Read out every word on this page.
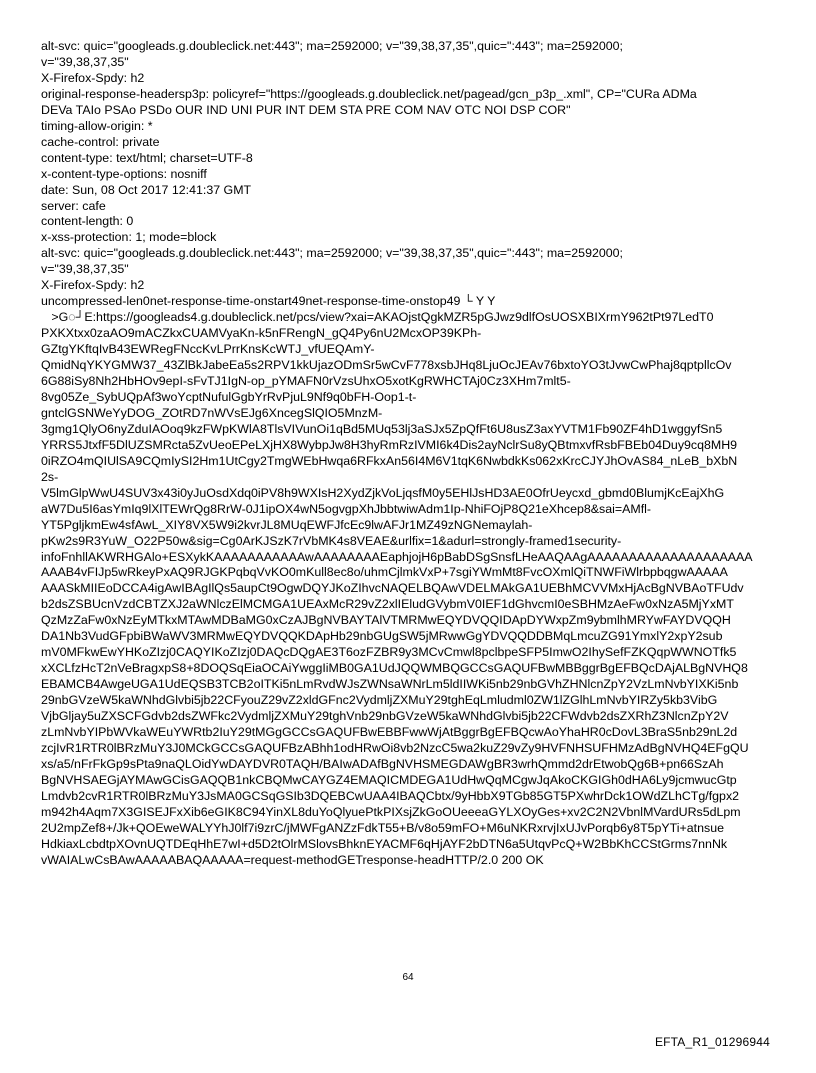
alt-svc: quic="googleads.g.doubleclick.net:443"; ma=2592000; v="39,38,37,35",quic=":443"; ma=2592000;
v="39,38,37,35"
X-Firefox-Spdy: h2
original-response-headersp3p: policyref="https://googleads.g.doubleclick.net/pagead/gcn_p3p_.xml", CP="CURa ADMa
DEVa TAIo PSAo PSDo OUR IND UNI PUR INT DEM STA PRE COM NAV OTC NOI DSP COR"
timing-allow-origin: *
cache-control: private
content-type: text/html; charset=UTF-8
x-content-type-options: nosniff
date: Sun, 08 Oct 2017 12:41:37 GMT
server: cafe
content-length: 0
x-xss-protection: 1; mode=block
alt-svc: quic="googleads.g.doubleclick.net:443"; ma=2592000; v="39,38,37,35",quic=":443"; ma=2592000;
v="39,38,37,35"
X-Firefox-Spdy: h2
uncompressed-len0net-response-time-onstart49net-response-time-onstop49 └ Y Y
>G◌┘E:https://googleads4.g.doubleclick.net/pcs/view?xai=AKAOjstQgkMZR5pGJwz9dlfOsUOSXBIXrmY962tPt97LedT0
PXKXtxx0zaAO9mACZkxCUAMVyaKn-k5nFRengN_gQ4Py6nU2McxOP39KPh-
GZtgYKftqIvB43EWRegFNccKvLPrrKnsKcWTJ_vfUEQAmY-
QmidNqYKYGMW37_43ZlBkJabeEa5s2RPV1kkUjazODmSr5wCvF778xsbJHq8LjuOcJEAv76bxtoYO3tJvwCwPhaj8qptpllcOv
6G88iSy8Nh2HbHOv9epI-sFvTJ1IgN-op_pYMAFN0rVzsUhxO5xotKgRWHCTAj0Cz3XHm7mlt5-
8vg05Ze_SybUQpAf3woYcptNufulGgbYrRvPjuL9Nf9q0bFH-Oop1-t-
gntclGSNWeYyDOG_ZOtRD7nWVsEJg6XncegSlQIO5MnzM-
3gmg1QlyO6nyZduIAOoq9kzFWpKWlA8TlsVIVunOi1qBd5MUq53lj3aSJx5ZpQfFt6U8usZ3axYVTM1Fb90ZF4hD1wggyfSn5
YRRS5JtxfF5DlUZSMRcta5ZvUeoEPeLXjHX8WybpJw8H3hyRmRzIVMI6k4Dis2ayNclrSu8yQBtmxvfRsbFBEb04Duy9cq8MH9
0iRZO4mQIUlSA9CQmIySI2Hm1UtCgy2TmgWEbHwqa6RFkxAn56I4M6V1tqK6NwbdkKs062xKrcCJYJhOvAS84_nLeB_bXbN
2s-
V5lmGlpWwU4SUV3x43i0yJuOsdXdq0iPV8h9WXIsH2XydZjkVoLjqsfM0y5EHlJsHD3AE0OfrUeycxd_gbmd0BlumjKcEajXhG
aW7Du5I6asYmIq9lXlTEWrQg8RrW-0J1ipOX4wN5ogvgpXhJbbtwiwAdm1Ip-NhiFOjP8Q21eXhcep8&sai=AMfl-
YT5PgljkmEw4sfAwL_XIY8VX5W9i2kvrJL8MUqEWFJfcEc9lwAFJr1MZ49zNGNemaylah-
pKw2s9R3YuW_O22P50w&sig=Cg0ArKJSzK7rVbMK4s8VEAE&urlfix=1&adurl=strongly-framed1security-
infoFnhllAKWRHGAlo+ESXykKAAAAAAAAAAAwAAAAAAAAEaphjojH6pBabDSgSnsfLHeAAQAAgAAAAAAAAAAAAAAAAAAAA
AAAB4vFIJp5wRkeyPxAQ9RJGKPqbqVvKO0mKull8ec8o/uhmCjlmkVxP+7sgiYWmMt8FvcOXmlQiTNWFiWlrbpbqgwAAAAA
AAASkMIIEoDCCA4igAwIBAgIlQs5aupCt9OgwDQYJKoZIhvcNAQELBQAwVDELMAkGA1UEBhMCVVMxHjAcBgNVBAoTFUdv
b2dsZSBUcnVzdCBTZXJ2aWNlczElMCMGA1UEAxMcR29vZ2xlIEludGVybmV0IEF1dGhvcmI0eSBHMzAeFw0xNzA5MjYxMT
QzMzZaFw0xNzEyMTkxMTAwMDBaMG0xCzAJBgNVBAYTAlVTMRMwEQYDVQQIDApDYWxpZm9ybmlhMRYwFAYDVQQH
DA1Nb3VudGFpbiBWaWV3MRMwEQYDVQQKDApHb29nbGUgSW5jMRwwGgYDVQQDDBMqLmcuZG91YmxlY2xpY2sub
mV0MFkwEwYHKoZIzj0CAQYIKoZIzj0DAQcDQgAE3T6ozFZBR9y3MCvCmwl8pclbpeSFP5ImwO2IhySefFZKQqpWWNOTfk5
xXCLfzHcT2nVeBragxpS8+8DOQSqEiaOCAiYwggIiMB0GA1UdJQQWMBQGCCsGAQUFBwMBBggrBgEFBQcDAjALBgNVHQ8
EBAMCB4AwgeUGA1UdEQSB3TCB2oITKi5nLmRvdWJsZWNsaWNrLm5ldIIWKi5nb29nbGVhZHNlcnZpY2VzLmNvbYIXKi5nb
29nbGVzeW5kaWNhdGlvbi5jb22CFyouZ29vZ2xldGFnc2VydmljZXMuY29tghEqLmludml0ZW1lZGlhLmNvbYIRZy5kb3VibG
VjbGljay5uZXSCFGdvb2dsZWFkc2VydmljZXMuY29tghVnb29nbGVzeW5kaWNhdGlvbi5jb22CFWdvb2dsZXRhZ3NlcnZpY2V
zLmNvbYIPbWVkaWEuYWRtb2IuY29tMGgGCCsGAQUFBwEBBFwwWjAtBggrBgEFBQcwAoYhaHR0cDovL3BraS5nb29nL2d
zcjIvR1RTR0lBRzMuY3J0MCkGCCsGAQUFBzABhh1odHRwOi8vb2NzcC5wa2kuZ29vZy9HVFNHSUFHMzAdBgNVHQ4EFgQU
xs/a5/nFrFkGp9sPta9naQLOidYwDAYDVR0TAQH/BAIwADAfBgNVHSMEGDAWgBR3wrhQmmd2drEtwobQg6B+pn66SzAh
BgNVHSAEGjAYMAwGCisGAQQB1nkCBQMwCAYGZ4EMAQICMDEGA1UdHwQqMCgwJqAkoCKGIGh0dHA6Ly9jcmwucGtp
Lmdvb2cvR1RTR0lBRzMuY3JsMA0GCSqGSIb3DQEBCwUAA4IBAQCbtx/9yHbbX9TGb85GT5PXwhrDck1OWdZLhCTg/fgpx2
m942h4Aqm7X3GISEJFxXib6eGIK8C94YinXL8duYoQlyuePtkPIXsjZkGoOUeeeaGYLXOyGes+xv2C2N2VbnlMVardURs5dLpm
2U2mpZef8+/Jk+QOEweWALYYhJ0lf7i9zrC/jMWFgANZzFdkT55+B/v8o59mFO+M6uNKRxrvjIxUJvPorqb6y8T5pYTi+atnsue
HdkiaxLcbdtpXOvnUQTDEqHhE7wI+d5D2tOlrMSlovsBhknEYACMF6qHjAYF2bDTN6a5UtqvPcQ+W2BbKhCCStGrms7nnNk
vWAIALwCsBAwAAAAABAQAAAAA=request-methodGETresponse-headHTTP/2.0 200 OK
64
EFTA_R1_01296944
